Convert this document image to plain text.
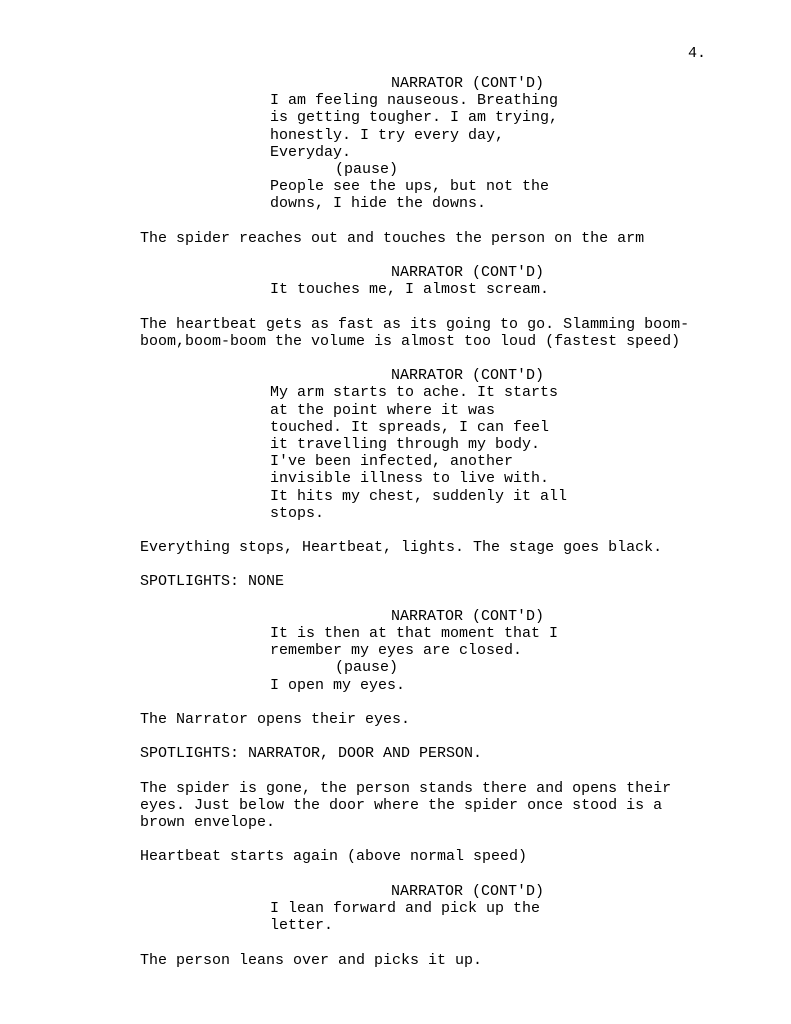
4.
NARRATOR (CONT'D)
I am feeling nauseous. Breathing
is getting tougher. I am trying,
honestly. I try every day,
Everyday.
(pause)
People see the ups, but not the
downs, I hide the downs.
The spider reaches out and touches the person on the arm
NARRATOR (CONT'D)
It touches me, I almost scream.
The heartbeat gets as fast as its going to go. Slamming boom-
boom,boom-boom the volume is almost too loud (fastest speed)
NARRATOR (CONT'D)
My arm starts to ache. It starts
at the point where it was
touched. It spreads, I can feel
it travelling through my body.
I've been infected, another
invisible illness to live with.
It hits my chest, suddenly it all
stops.
Everything stops, Heartbeat, lights. The stage goes black.
SPOTLIGHTS: NONE
NARRATOR (CONT'D)
It is then at that moment that I
remember my eyes are closed.
(pause)
I open my eyes.
The Narrator opens their eyes.
SPOTLIGHTS: NARRATOR, DOOR AND PERSON.
The spider is gone, the person stands there and opens their
eyes. Just below the door where the spider once stood is a
brown envelope.
Heartbeat starts again (above normal speed)
NARRATOR (CONT'D)
I lean forward and pick up the
letter.
The person leans over and picks it up.
